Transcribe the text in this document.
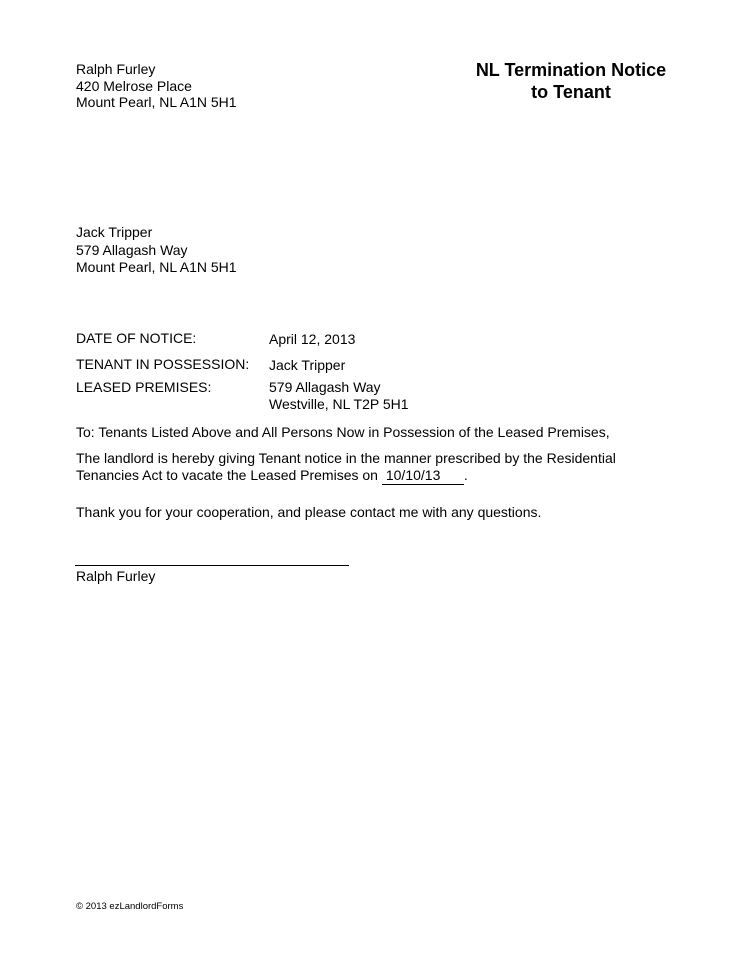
Ralph Furley
420 Melrose Place
Mount Pearl, NL A1N 5H1
NL Termination Notice
to Tenant
Jack Tripper
579 Allagash Way
Mount Pearl, NL A1N 5H1
DATE OF NOTICE:	April 12, 2013
TENANT IN POSSESSION: Jack Tripper
LEASED PREMISES:	579 Allagash Way
Westville, NL T2P 5H1
To: Tenants Listed Above and All Persons Now in Possession of the Leased Premises,
The landlord is hereby giving Tenant notice in the manner prescribed by the Residential
Tenancies Act to vacate the Leased Premises on 10/10/13 .
Thank you for your cooperation, and please contact me with any questions.
Ralph Furley
© 2013 ezLandlordForms
